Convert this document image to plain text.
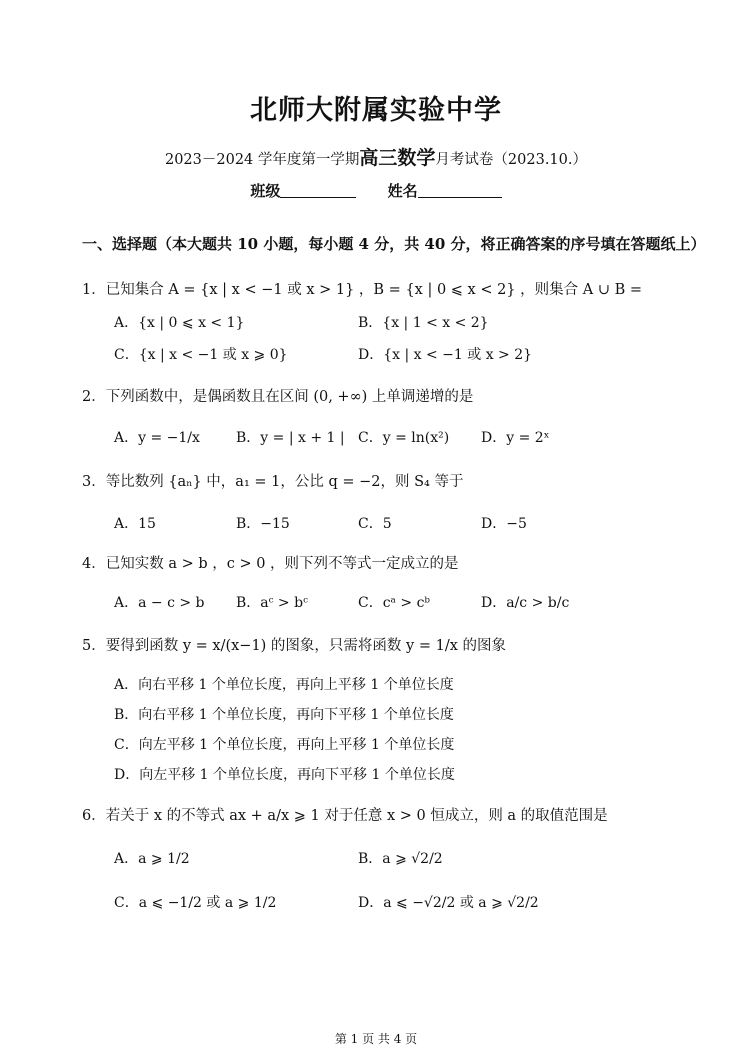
北师大附属实验中学
2023－2024 学年度第一学期高三数学月考试卷（2023.10.）
班级	姓名
一、选择题（本大题共 10 小题，每小题 4 分，共 40 分，将正确答案的序号填在答题纸上）
1．已知集合 A = {x | x < −1 或 x > 1} ，B = {x | 0 ⩽ x < 2} ，则集合 A ∪ B =
A．{x | 0 ⩽ x < 1}	B．{x | 1 < x < 2}
C．{x | x < −1 或 x ⩾ 0}	D．{x | x < −1 或 x > 2}
2．下列函数中，是偶函数且在区间 (0, +∞) 上单调递增的是
A．y = −1/x	B．y = | x + 1 | C．y = ln(x²) D．y = 2ˣ
3．等比数列 {aₙ} 中，a₁ = 1，公比 q = −2，则 S₄ 等于
A．15	B．−15	C．5	D．−5
4．已知实数 a > b ，c > 0 ，则下列不等式一定成立的是
A．a − c > b B．aᶜ > bᶜ	C．cᵃ > cᵇ	D．a/c > b/c
5．要得到函数 y = x/(x−1) 的图象，只需将函数 y = 1/x 的图象
A．向右平移 1 个单位长度，再向上平移 1 个单位长度
B．向右平移 1 个单位长度，再向下平移 1 个单位长度
C．向左平移 1 个单位长度，再向上平移 1 个单位长度
D．向左平移 1 个单位长度，再向下平移 1 个单位长度
6．若关于 x 的不等式 ax + a/x ⩾ 1 对于任意 x > 0 恒成立，则 a 的取值范围是
A．a ⩾ 1/2	B．a ⩾ √2/2
C．a ⩽ −1/2 或 a ⩾ 1/2	D．a ⩽ −√2/2 或 a ⩾ √2/2
第 1 页 共 4 页
